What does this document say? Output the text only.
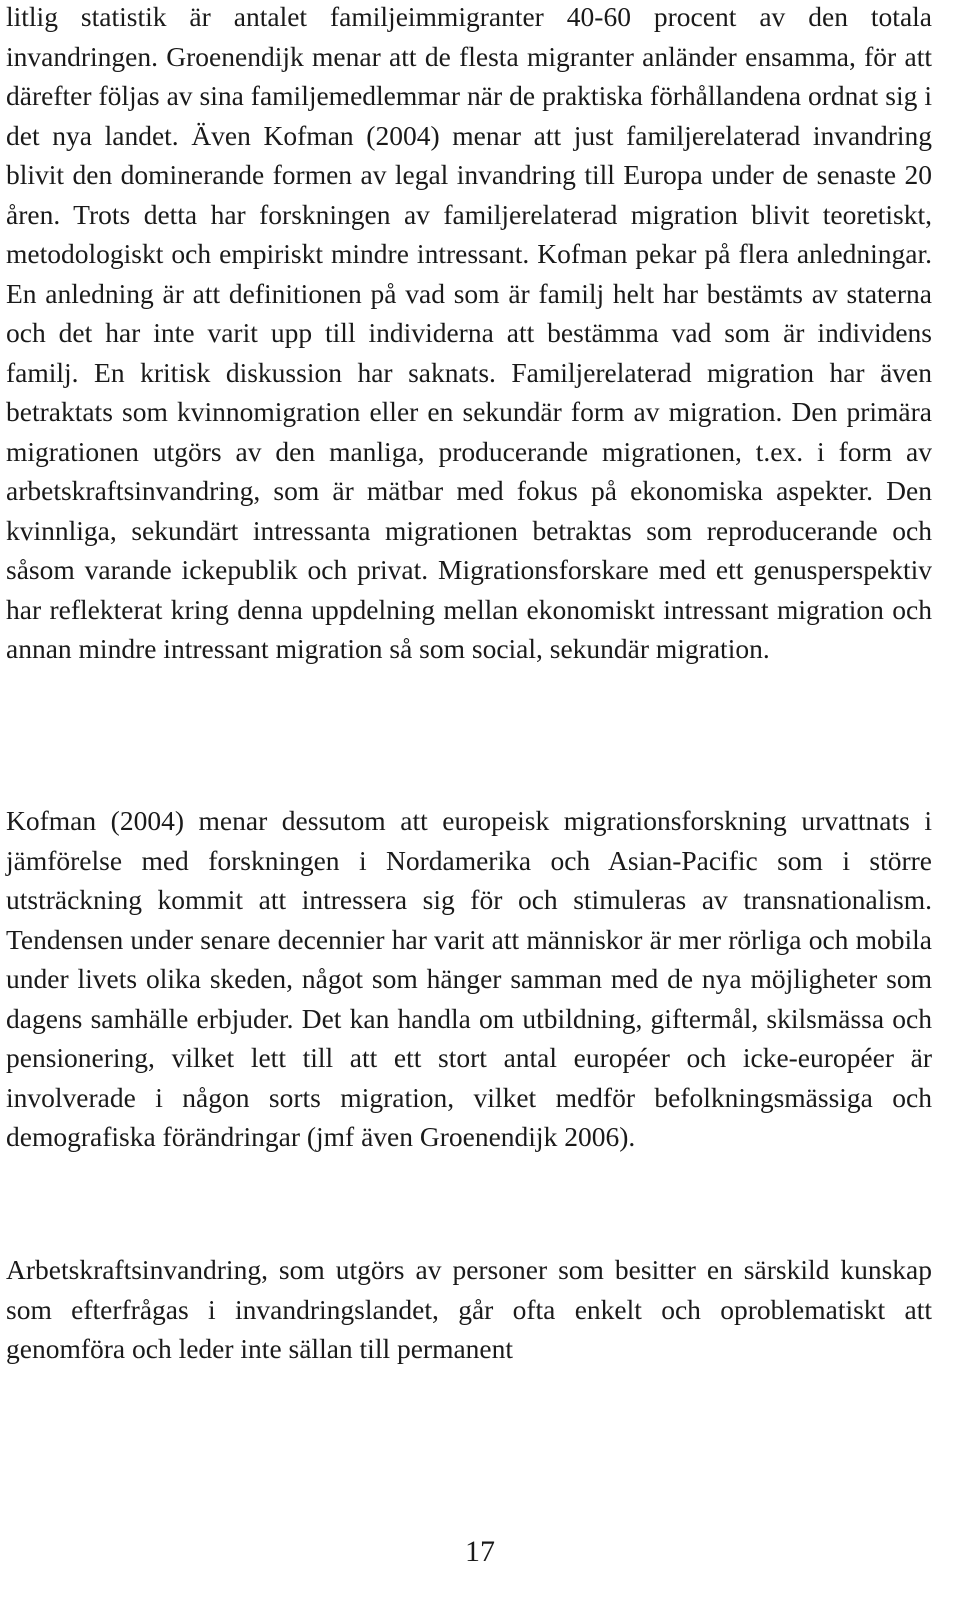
litlig statistik är antalet familjeimmigranter 40-60 procent av den totala invandringen. Groenendijk menar att de flesta migranter anländer ensamma, för att därefter följas av sina familjemedlemmar när de praktiska förhållandena ordnat sig i det nya landet. Även Kofman (2004) menar att just familjerelaterad invandring blivit den dominerande formen av legal invandring till Europa under de senaste 20 åren. Trots detta har forskningen av familjerelaterad migration blivit teoretiskt, metodologiskt och empiriskt mindre intressant. Kofman pekar på flera anledningar. En anledning är att definitionen på vad som är familj helt har bestämts av staterna och det har inte varit upp till individerna att bestämma vad som är individens familj. En kritisk diskussion har saknats. Familjerelaterad migration har även betraktats som kvinnomigration eller en sekundär form av migration. Den primära migrationen utgörs av den manliga, producerande migrationen, t.ex. i form av arbetskraftsinvandring, som är mätbar med fokus på ekonomiska aspekter. Den kvinnliga, sekundärt intressanta migrationen betraktas som reproducerande och såsom varande ickepublik och privat. Migrationsforskare med ett genusperspektiv har reflekterat kring denna uppdelning mellan ekonomiskt intressant migration och annan mindre intressant migration så som social, sekundär migration.

Kofman (2004) menar dessutom att europeisk migrationsforskning urvattnats i jämförelse med forskningen i Nordamerika och Asian-Pacific som i större utsträckning kommit att intressera sig för och stimuleras av transnationalism. Tendensen under senare decennier har varit att människor är mer rörliga och mobila under livets olika skeden, något som hänger samman med de nya möjligheter som dagens samhälle erbjuder. Det kan handla om utbildning, giftermål, skilsmässa och pensionering, vilket lett till att ett stort antal européer och icke-européer är involverade i någon sorts migration, vilket medför befolkningsmässiga och demografiska förändringar (jmf även Groenendijk 2006).

Arbetskraftsinvandring, som utgörs av personer som besitter en särskild kunskap som efterfrågas i invandringslandet, går ofta enkelt och oproblematiskt att genomföra och leder inte sällan till permanent

17
